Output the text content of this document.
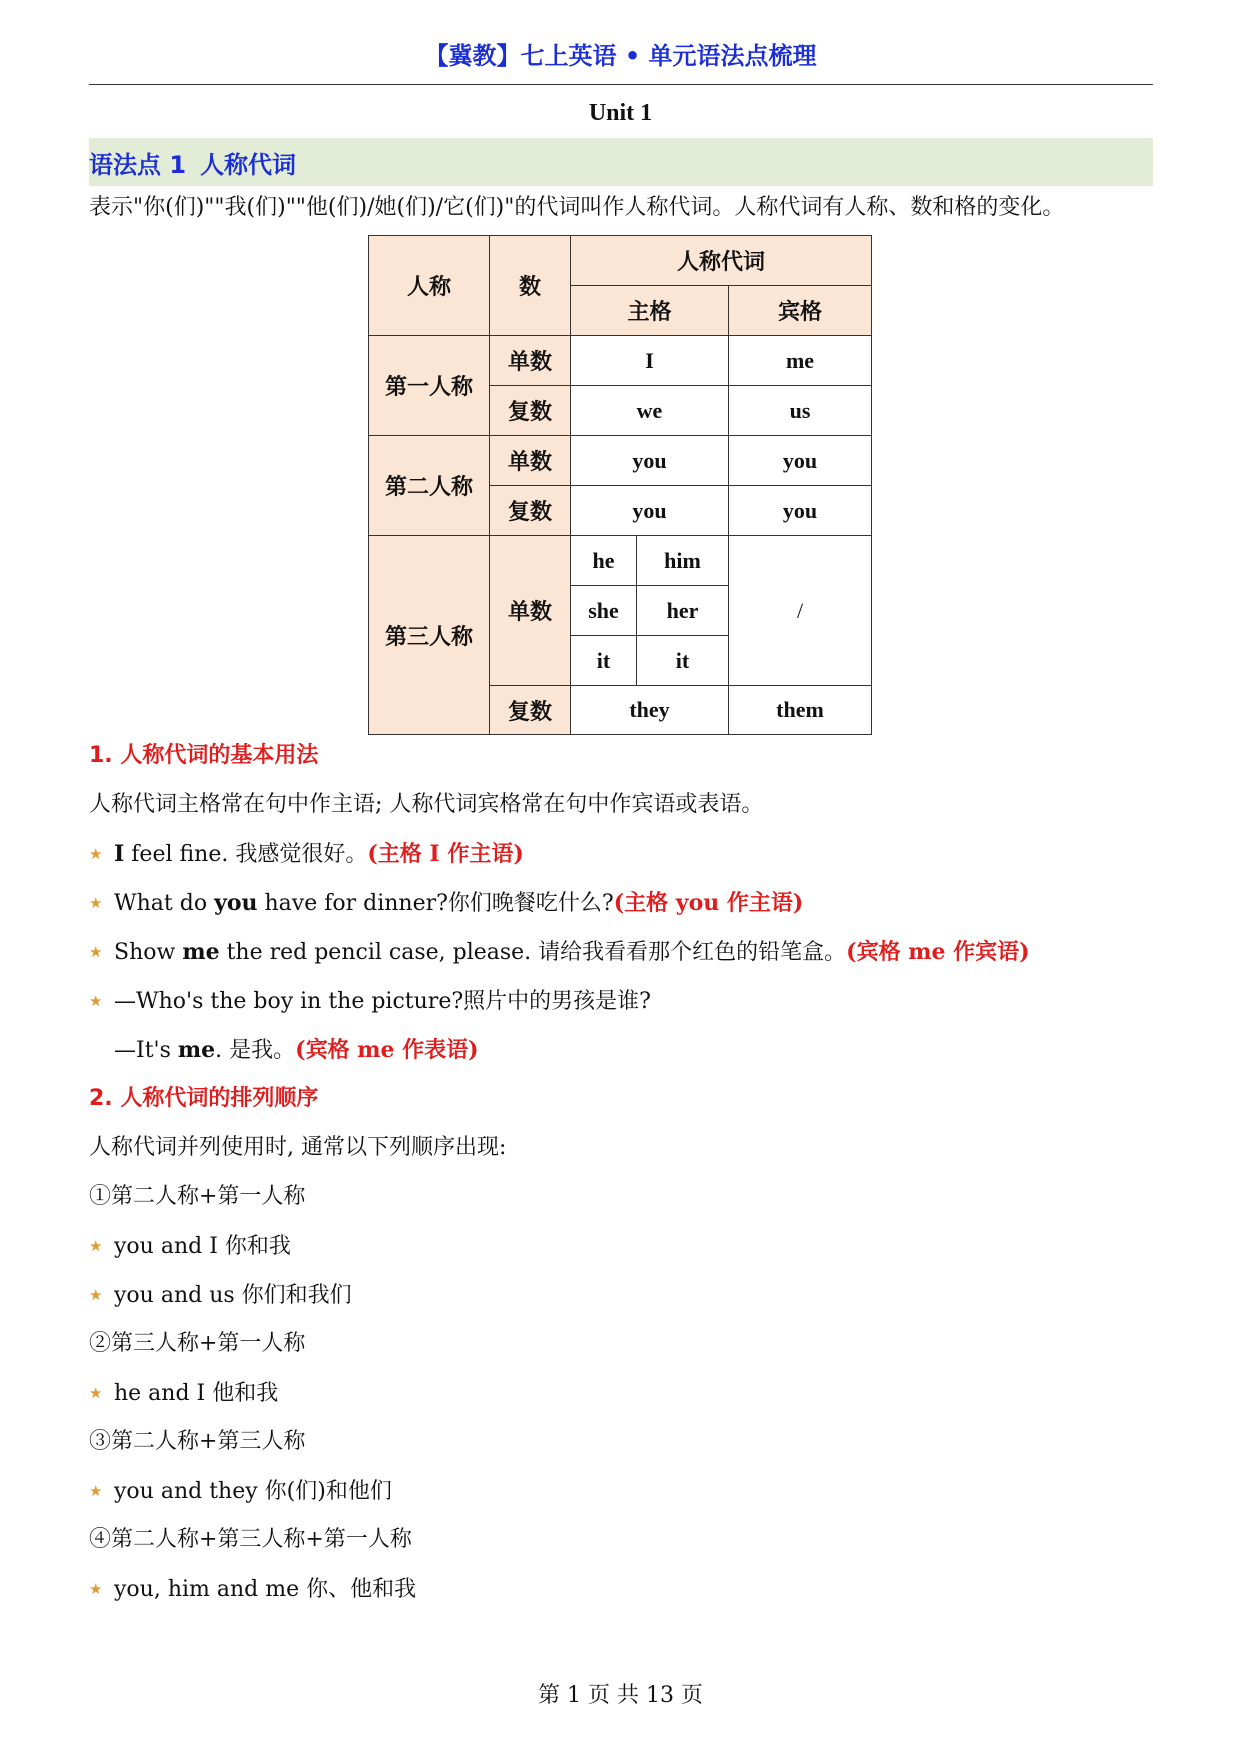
【冀教】七上英语 • 单元语法点梳理
Unit 1
语法点 1 人称代词
表示"你(们)""我(们)""他(们)/她(们)/它(们)"的代词叫作人称代词。人称代词有人称、数和格的变化。
人称	数	人称代词		
		主格		宾格
第一人称	单数	I		me
	复数	we		us
第二人称	单数	you		you
	复数	you		you
第三人称	单数	he	him	/
		she	her	
		it	it	
	复数	they		them
1. 人称代词的基本用法
人称代词主格常在句中作主语; 人称代词宾格常在句中作宾语或表语。
★ I feel fine. 我感觉很好。(主格 I 作主语)
★ What do you have for dinner?你们晚餐吃什么?(主格 you 作主语)
★ Show me the red pencil case, please. 请给我看看那个红色的铅笔盒。(宾格 me 作宾语)
★ —Who's the boy in the picture?照片中的男孩是谁?
—It's me. 是我。(宾格 me 作表语)
2. 人称代词的排列顺序
人称代词并列使用时, 通常以下列顺序出现:
①第二人称+第一人称
★ you and I 你和我
★ you and us 你们和我们
②第三人称+第一人称
★ he and I 他和我
③第二人称+第三人称
★ you and they 你(们)和他们
④第二人称+第三人称+第一人称
★ you, him and me 你、他和我
第 1 页 共 13 页
